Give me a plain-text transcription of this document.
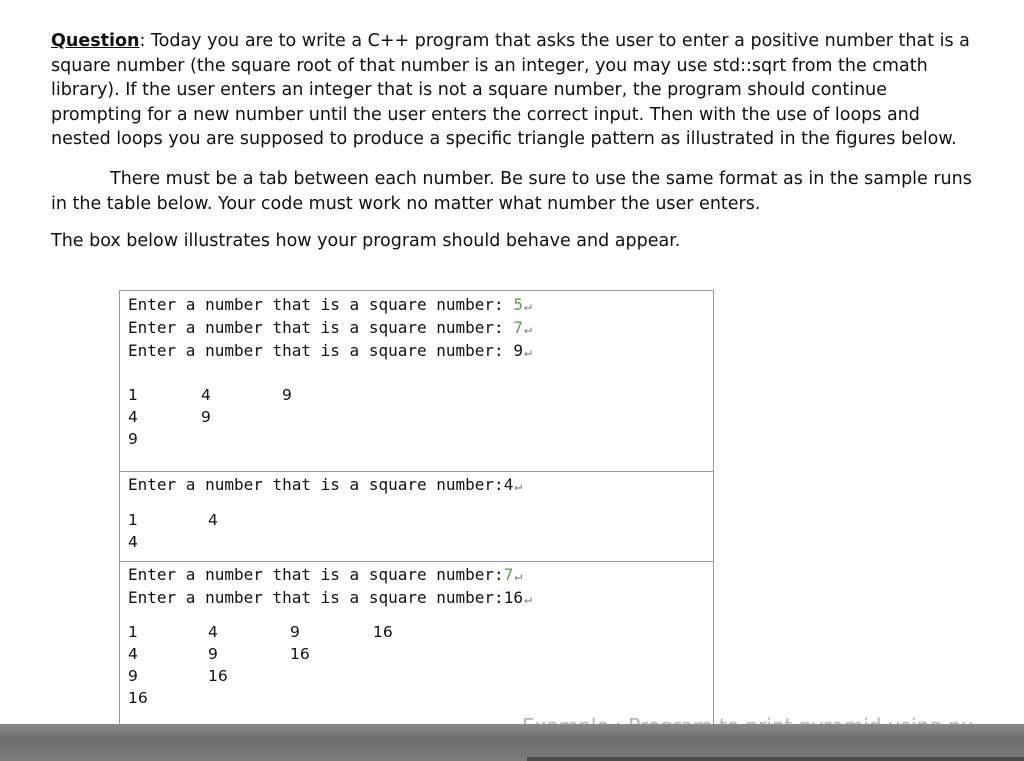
Question: Today you are to write a C++ program that asks the user to enter a positive number that is a square number (the square root of that number is an integer, you may use std::sqrt from the cmath library). If the user enters an integer that is not a square number, the program should continue prompting for a new number until the user enters the correct input. Then with the use of loops and nested loops you are supposed to produce a specific triangle pattern as illustrated in the figures below.

There must be a tab between each number. Be sure to use the same format as in the sample runs in the table below. Your code must work no matter what number the user enters.

The box below illustrates how your program should behave and appear.

Enter a number that is a square number: 5↵
Enter a number that is a square number: 7↵
Enter a number that is a square number: 9↵
1	4	9
4	9
9
Enter a number that is a square number:4↵
1	4
4
Enter a number that is a square number:7↵
Enter a number that is a square number:16↵
1	4	9	16
4	9	16
9	16
16
